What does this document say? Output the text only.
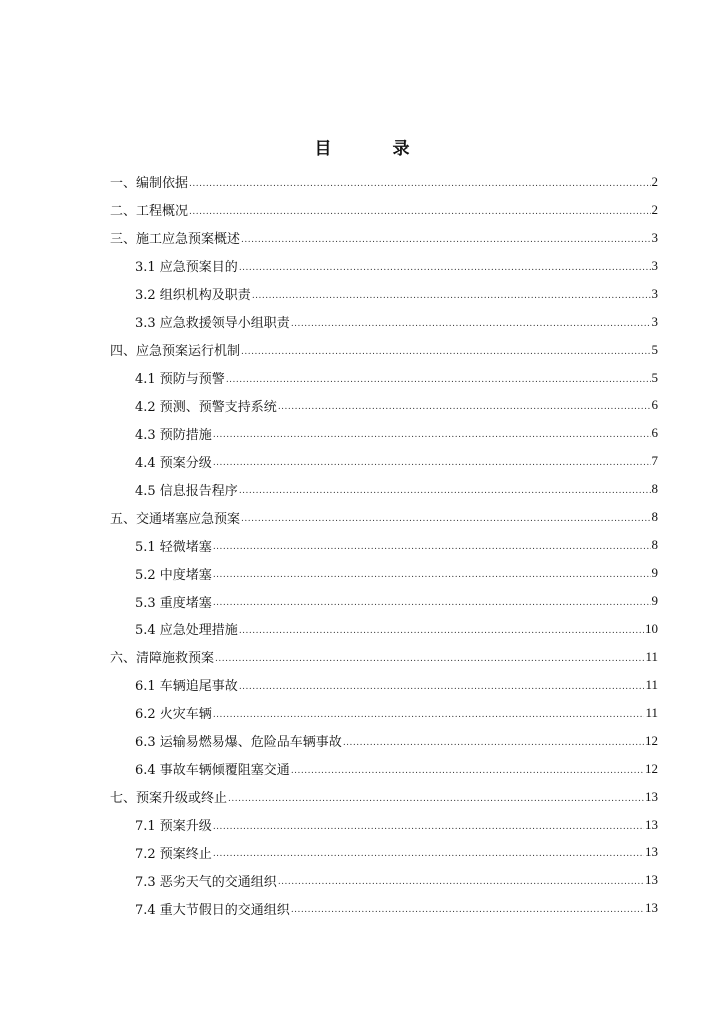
目　录
一、编制依据 .....	2
二、工程概况 .....	2
三、施工应急预案概述 .....	3
3.1 应急预案目的 .....	3
3.2 组织机构及职责 .....	3
3.3 应急救援领导小组职责 .....	3
四、应急预案运行机制 .....	5
4.1 预防与预警 .....	5
4.2 预测、预警支持系统 .....	6
4.3 预防措施 .....	6
4.4 预案分级 .....	7
4.5 信息报告程序 .....	8
五、交通堵塞应急预案 .....	8
5.1 轻微堵塞 .....	8
5.2 中度堵塞 .....	9
5.3 重度堵塞 .....	9
5.4 应急处理措施 .....	10
六、清障施救预案 .....	11
6.1 车辆追尾事故 .....	11
6.2 火灾车辆 .....	11
6.3 运输易燃易爆、危险品车辆事故 .....	12
6.4 事故车辆倾覆阻塞交通 .....	12
七、预案升级或终止 .....	13
7.1 预案升级 .....	13
7.2 预案终止 .....	13
7.3 恶劣天气的交通组织 .....	13
7.4 重大节假日的交通组织 .....	13
